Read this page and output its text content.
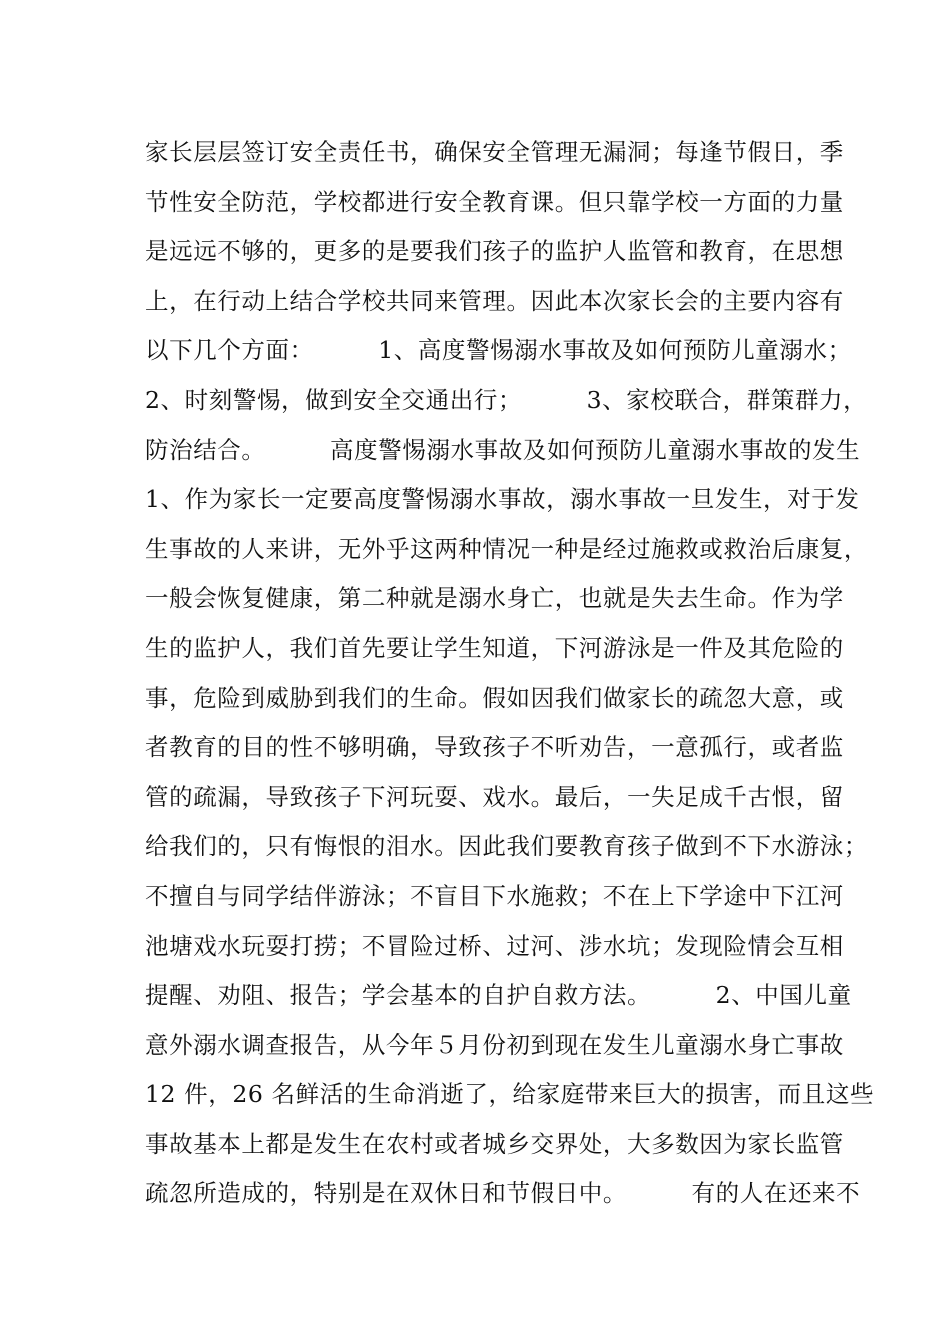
家长层层签订安全责任书，确保安全管理无漏洞；每逢节假日，季
节性安全防范，学校都进行安全教育课。但只靠学校一方面的力量
是远远不够的，更多的是要我们孩子的监护人监管和教育，在思想
上，在行动上结合学校共同来管理。因此本次家长会的主要内容有
以下几个方面：        1、高度警惕溺水事故及如何预防儿童溺水；
2、时刻警惕，做到安全交通出行；        3、家校联合，群策群力，
防治结合。        高度警惕溺水事故及如何预防儿童溺水事故的发生
1、作为家长一定要高度警惕溺水事故，溺水事故一旦发生，对于发
生事故的人来讲，无外乎这两种情况一种是经过施救或救治后康复，
一般会恢复健康，第二种就是溺水身亡，也就是失去生命。作为学
生的监护人，我们首先要让学生知道，下河游泳是一件及其危险的
事，危险到威胁到我们的生命。假如因我们做家长的疏忽大意，或
者教育的目的性不够明确，导致孩子不听劝告，一意孤行，或者监
管的疏漏，导致孩子下河玩耍、戏水。最后，一失足成千古恨，留
给我们的，只有悔恨的泪水。因此我们要教育孩子做到不下水游泳；
不擅自与同学结伴游泳；不盲目下水施救；不在上下学途中下江河
池塘戏水玩耍打捞；不冒险过桥、过河、涉水坑；发现险情会互相
提醒、劝阻、报告；学会基本的自护自救方法。        2、中国儿童
意外溺水调查报告，从今年５月份初到现在发生儿童溺水身亡事故
12 件，26 名鲜活的生命消逝了，给家庭带来巨大的损害，而且这些
事故基本上都是发生在农村或者城乡交界处，大多数因为家长监管
疏忽所造成的，特别是在双休日和节假日中。        有的人在还来不
